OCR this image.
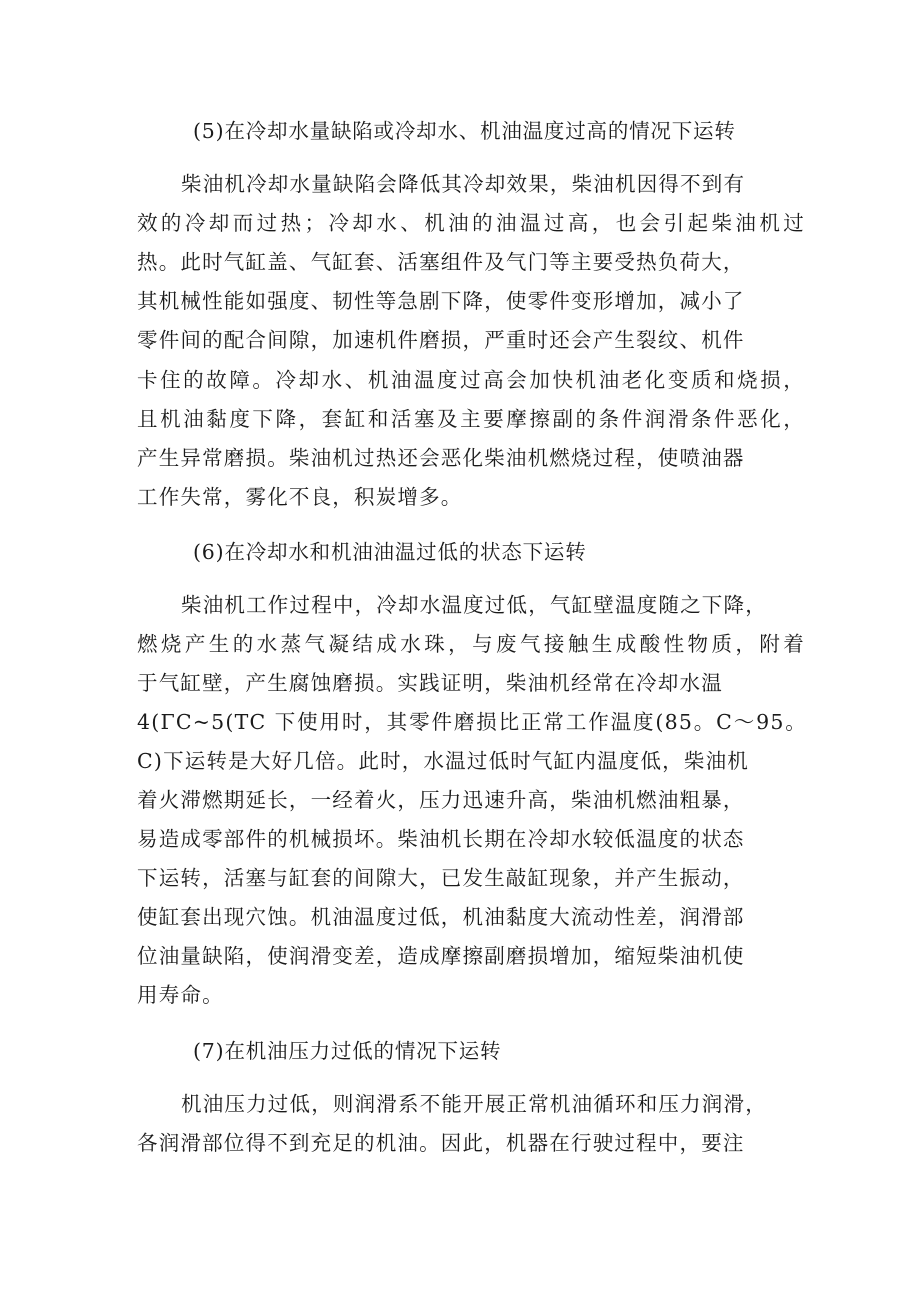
(5)在冷却水量缺陷或冷却水、机油温度过高的情况下运转

柴油机冷却水量缺陷会降低其冷却效果，柴油机因得不到有

效的冷却而过热；冷却水、机油的油温过高，也会引起柴油机过

热。此时气缸盖、气缸套、活塞组件及气门等主要受热负荷大，

其机械性能如强度、韧性等急剧下降，使零件变形增加，减小了

零件间的配合间隙，加速机件磨损，严重时还会产生裂纹、机件

卡住的故障。冷却水、机油温度过高会加快机油老化变质和烧损，

且机油黏度下降，套缸和活塞及主要摩擦副的条件润滑条件恶化，

产生异常磨损。柴油机过热还会恶化柴油机燃烧过程，使喷油器

工作失常，雾化不良，积炭增多。

(6)在冷却水和机油油温过低的状态下运转

柴油机工作过程中，冷却水温度过低，气缸壁温度随之下降，

燃烧产生的水蒸气凝结成水珠，与废气接触生成酸性物质，附着

于气缸壁，产生腐蚀磨损。实践证明，柴油机经常在冷却水温

4(ΓC~5(TC 下使用时，其零件磨损比正常工作温度(85。C～95。

C)下运转是大好几倍。此时，水温过低时气缸内温度低，柴油机

着火滞燃期延长，一经着火，压力迅速升高，柴油机燃油粗暴，

易造成零部件的机械损坏。柴油机长期在冷却水较低温度的状态

下运转，活塞与缸套的间隙大，已发生敲缸现象，并产生振动，

使缸套出现穴蚀。机油温度过低，机油黏度大流动性差，润滑部

位油量缺陷，使润滑变差，造成摩擦副磨损增加，缩短柴油机使

用寿命。

(7)在机油压力过低的情况下运转

机油压力过低，则润滑系不能开展正常机油循环和压力润滑，

各润滑部位得不到充足的机油。因此，机器在行驶过程中，要注
